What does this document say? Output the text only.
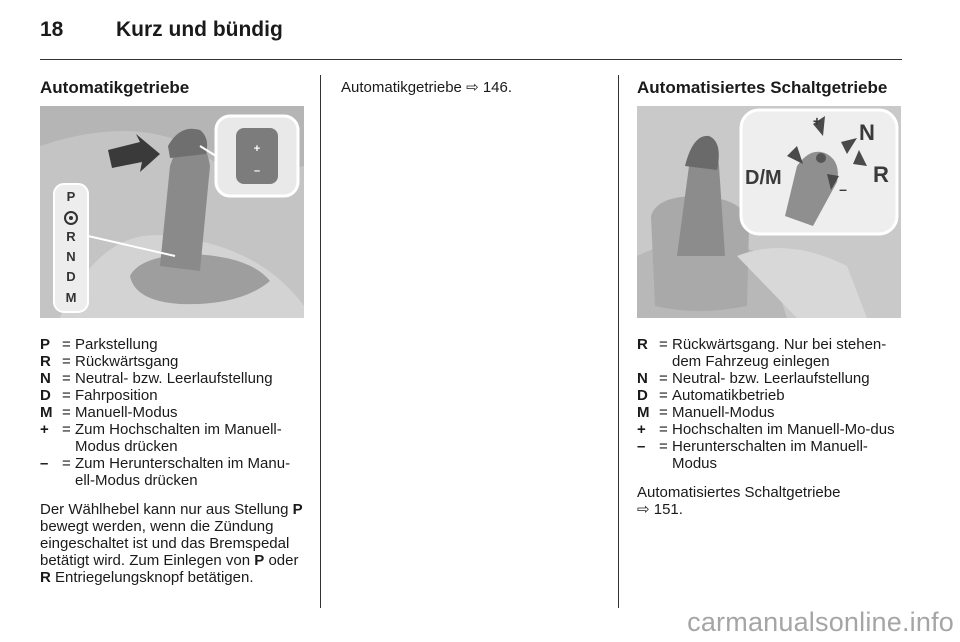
18	Kurz und bündig
Automatikgetriebe
P
R
N
D
M
+
–
P = Parkstellung
R = Rückwärtsgang
N = Neutral- bzw. Leerlaufstellung
D = Fahrposition
M = Manuell-Modus
+ = Zum Hochschalten im Manuell-Modus drücken
– = Zum Herunterschalten im Manu-ell-Modus drücken

Der Wählhebel kann nur aus Stellung P bewegt werden, wenn die Zündung eingeschaltet ist und das Bremspedal betätigt wird. Zum Einlegen von P oder R Entriegelungsknopf betätigen.

Automatikgetriebe ⇨ 146.	Automatisiertes Schaltgetriebe
D/M
N
R
+
–
R = Rückwärtsgang. Nur bei stehen-dem Fahrzeug einlegen
N = Neutral- bzw. Leerlaufstellung
D = Automatikbetrieb
M = Manuell-Modus
+ = Hochschalten im Manuell-Mo-dus
– = Herunterschalten im Manuell-Modus

Automatisiertes Schaltgetriebe
⇨ 151.

carmanualsonline.info
